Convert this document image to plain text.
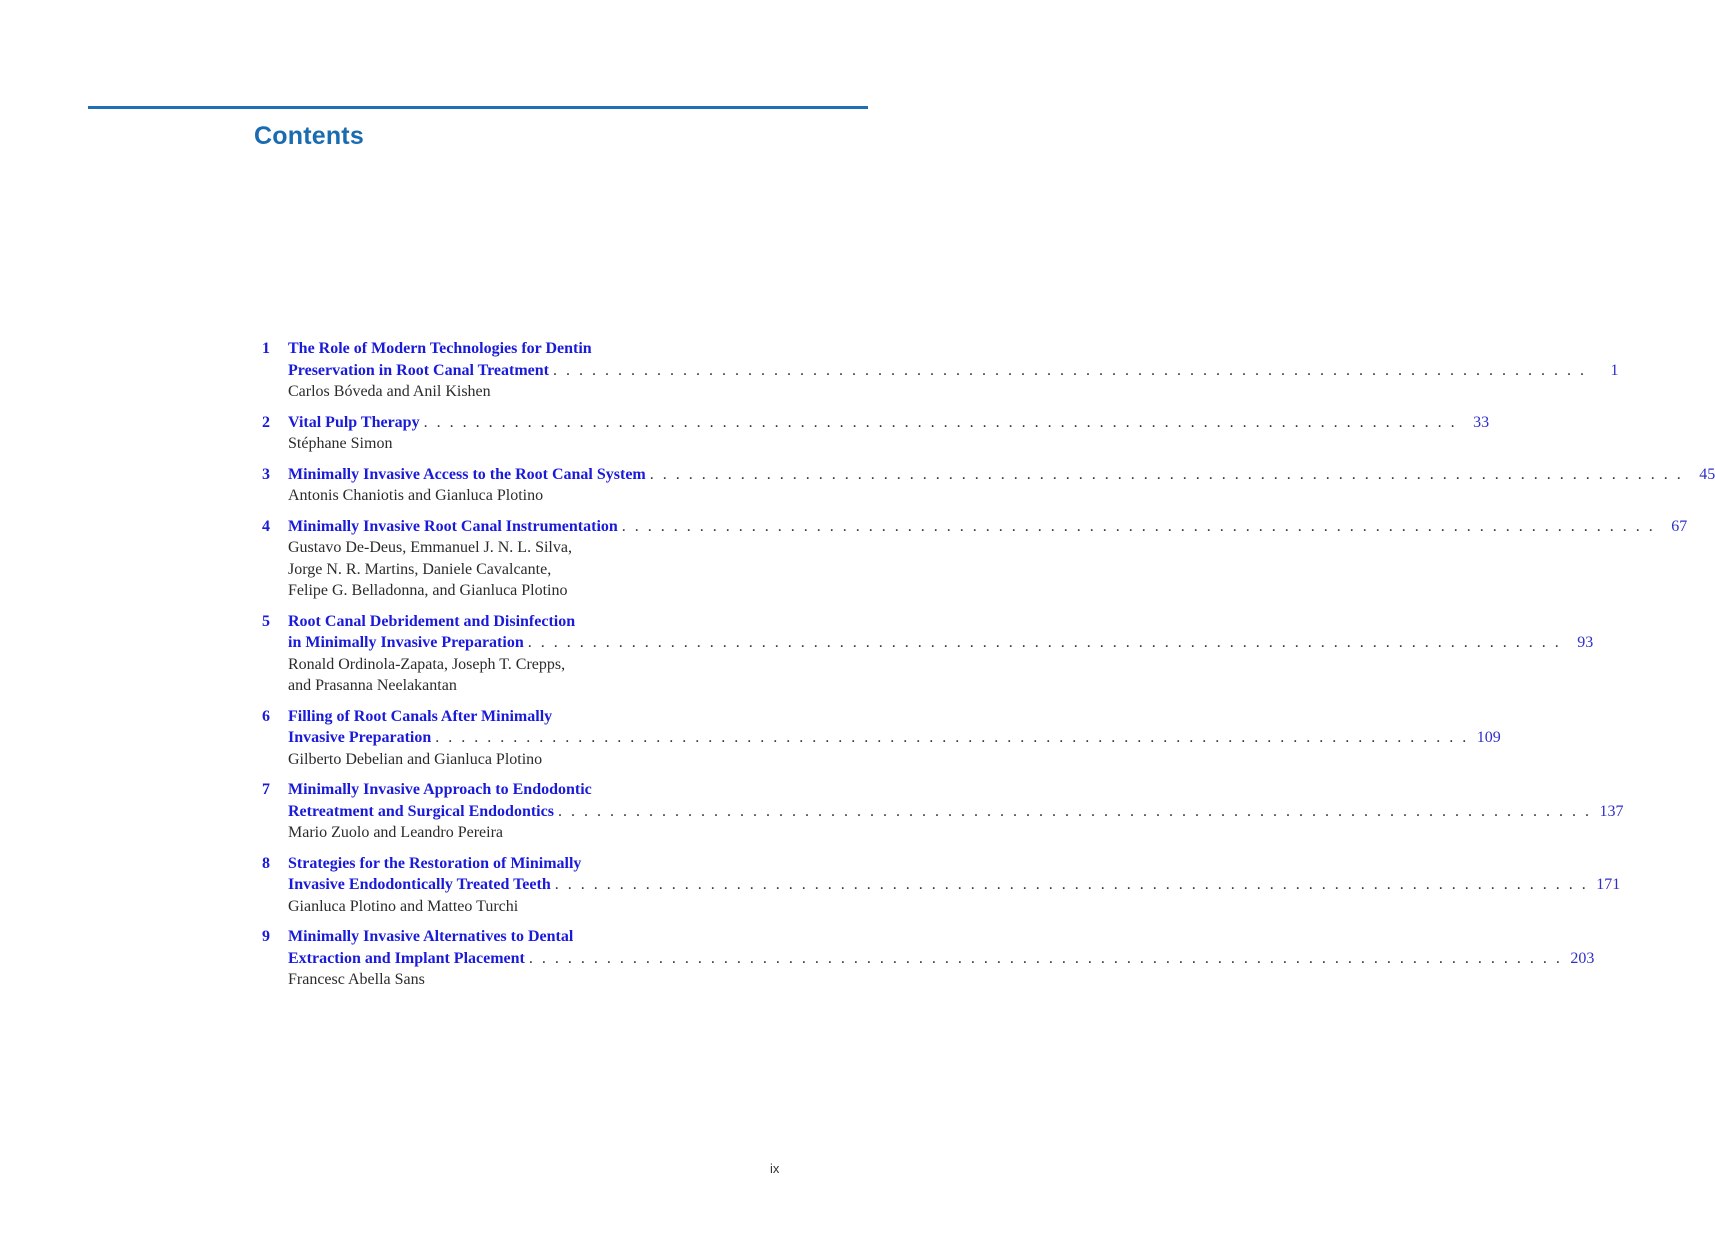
Contents
1	The Role of Modern Technologies for Dentin
Preservation in Root Canal Treatment . . . . . . . . . . . . . . . . . . . . . . . . . . . . . . . . . . . . . . . . . . . . . . . . . . . . . . . . . . . . . . . . . . . . . . . . . . . . . . . .	1
Carlos Bóveda and Anil Kishen
2	Vital Pulp Therapy . . . . . . . . . . . . . . . . . . . . . . . . . . . . . . . . . . . . . . . . . . . . . . . . . . . . . . . . . . . . . . . . . . . . . . . . . . . . . . . .	33
Stéphane Simon
3	Minimally Invasive Access to the Root Canal System . . . . . . . . . . . . . . . . . . . . . . . . . . . . . . . . . . . . . . . . . . . . . . . . . . . . . . . . . . . . . . . . . . . . . . . . . . . . . . . .	45
Antonis Chaniotis and Gianluca Plotino
4	Minimally Invasive Root Canal Instrumentation . . . . . . . . . . . . . . . . . . . . . . . . . . . . . . . . . . . . . . . . . . . . . . . . . . . . . . . . . . . . . . . . . . . . . . . . . . . . . . . .	67
Gustavo De-Deus, Emmanuel J. N. L. Silva,
Jorge N. R. Martins, Daniele Cavalcante,
Felipe G. Belladonna, and Gianluca Plotino
5	Root Canal Debridement and Disinfection
in Minimally Invasive Preparation . . . . . . . . . . . . . . . . . . . . . . . . . . . . . . . . . . . . . . . . . . . . . . . . . . . . . . . . . . . . . . . . . . . . . . . . . . . . . . . .	93
Ronald Ordinola-Zapata, Joseph T. Crepps,
and Prasanna Neelakantan
6	Filling of Root Canals After Minimally
Invasive Preparation . . . . . . . . . . . . . . . . . . . . . . . . . . . . . . . . . . . . . . . . . . . . . . . . . . . . . . . . . . . . . . . . . . . . . . . . . . . . . . . . 109
Gilberto Debelian and Gianluca Plotino
7	Minimally Invasive Approach to Endodontic
Retreatment and Surgical Endodontics . . . . . . . . . . . . . . . . . . . . . . . . . . . . . . . . . . . . . . . . . . . . . . . . . . . . . . . . . . . . . . . . . . . . . . . . . . . . . . . . 137
Mario Zuolo and Leandro Pereira
8	Strategies for the Restoration of Minimally
Invasive Endodontically Treated Teeth . . . . . . . . . . . . . . . . . . . . . . . . . . . . . . . . . . . . . . . . . . . . . . . . . . . . . . . . . . . . . . . . . . . . . . . . . . . . . . . . 171
Gianluca Plotino and Matteo Turchi
9	Minimally Invasive Alternatives to Dental
Extraction and Implant Placement . . . . . . . . . . . . . . . . . . . . . . . . . . . . . . . . . . . . . . . . . . . . . . . . . . . . . . . . . . . . . . . . . . . . . . . . . . . . . . . . 203
Francesc Abella Sans
ix
